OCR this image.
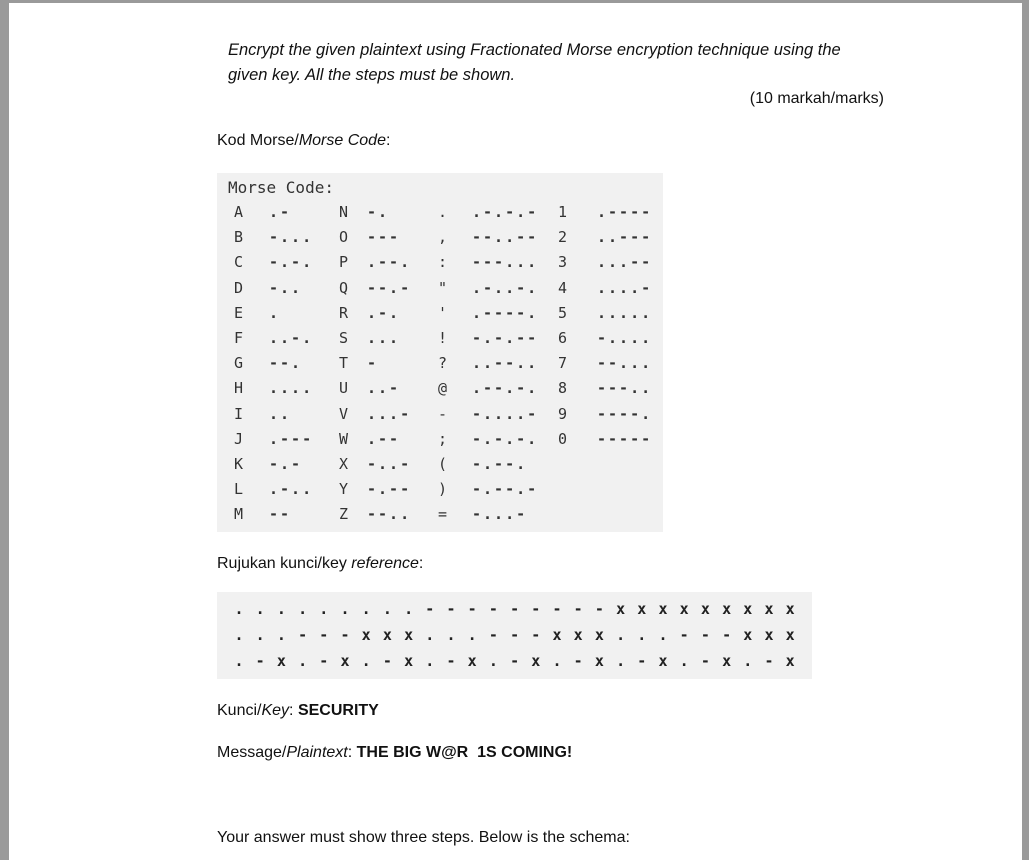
Encrypt the given plaintext using Fractionated Morse encryption technique using the
given key. All the steps must be shown.
(10 markah/marks)
Kod Morse/Morse Code:
Morse Code:
A .-	N -.	. .-.-.- 1 .----
B -... O ---	, --..-- 2 ..---
C -.-. P .--. : ---... 3 ...--
D -.. Q --.- " .-..-. 4 ....-
E .	R .-.	' .----. 5 .....
F ..-. S ...	! -.-.-- 6 -....
G --. T -	? ..--.. 7 --...
H .... U ..-	@ .--.-. 8 ---..
I ..	V ...- - -....- 9 ----.
J .--- W .--	; -.-.-. 0 -----
K -.- X -..- ( -.--.
L .-.. Y -.-- ) -.--.-
M --	Z --.. = -...-
Rujukan kunci/key reference:
. . . . . . . . . - - - - - - - - - x x x x x x x x x
. . . - - - x x x . . . - - - x x x . . . - - - x x x
. - x . - x . - x . - x . - x . - x . - x . - x . - x
Kunci/Key: SECURITY
Message/Plaintext: THE BIG W@R  1S COMING!
Your answer must show three steps. Below is the schema:
